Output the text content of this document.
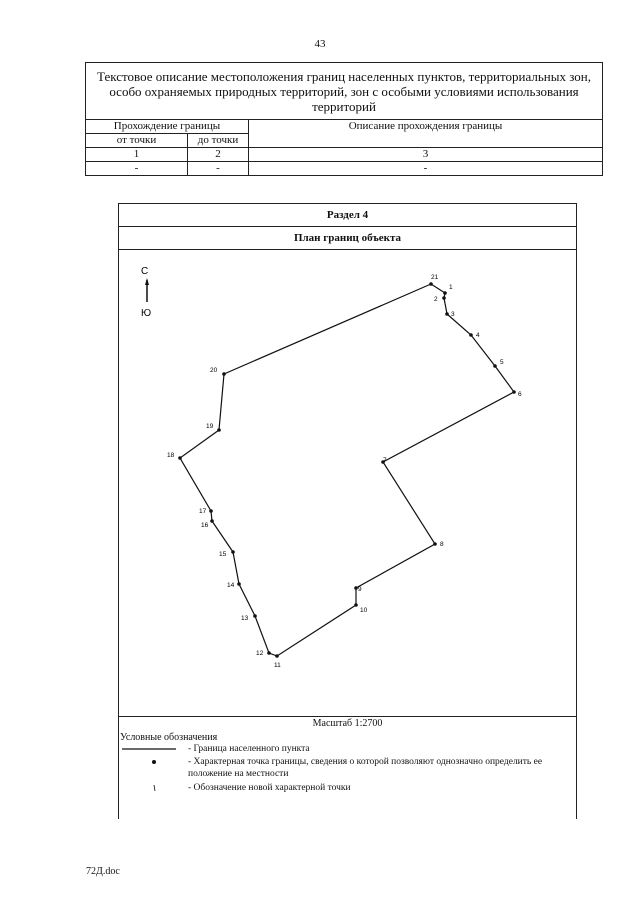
43
Текстовое описание местоположения границ населенных пунктов, территориальных зон, особо охраняемых природных территорий, зон с особыми условиями использования территорий		
Прохождение границы		Описание прохождения границы
от точки	до точки	
1	2	3
-	-	-
Раздел 4
План границ объекта
С
Ю
21
1
2
3
4
5
6
7
8
9
10
11
12
13
14
15
16
17
18
19
20
Масштаб 1:2700
Условные обозначения
- Граница населенного пункта
- Характерная точка границы, сведения о которой позволяют однозначно определить ее положение на местности
- Обозначение новой характерной точки
72Д.doc
